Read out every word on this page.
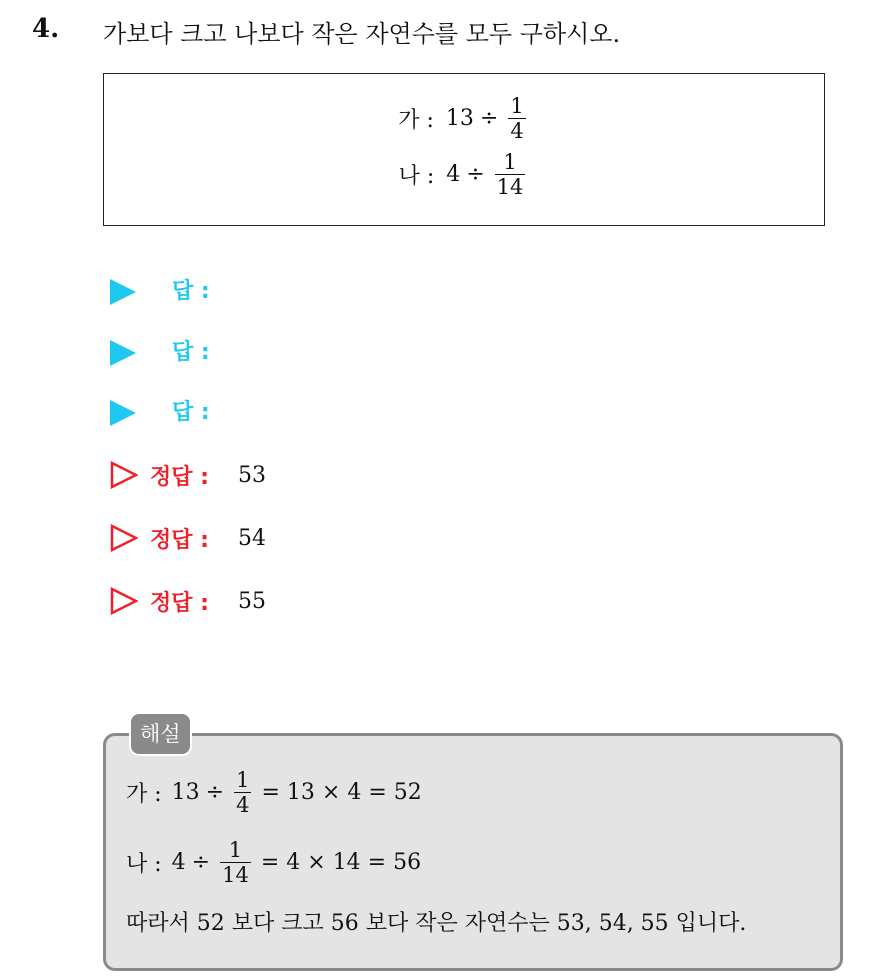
4. 가보다 크고 나보다 작은 자연수를 모두 구하시오.
가 : $13 \div \frac{1}{4}$
나 : $4 \div \frac{1}{14}$
답 :
답 :
답 :
정답 : 53
정답 : 54
정답 : 55
해설
가 : $13 \div \frac{1}{4} = 13 \times 4 = 52$
나 : $4 \div \frac{1}{14} = 4 \times 14 = 56$
따라서 52 보다 크고 56 보다 작은 자연수는 53, 54, 55 입니다.
